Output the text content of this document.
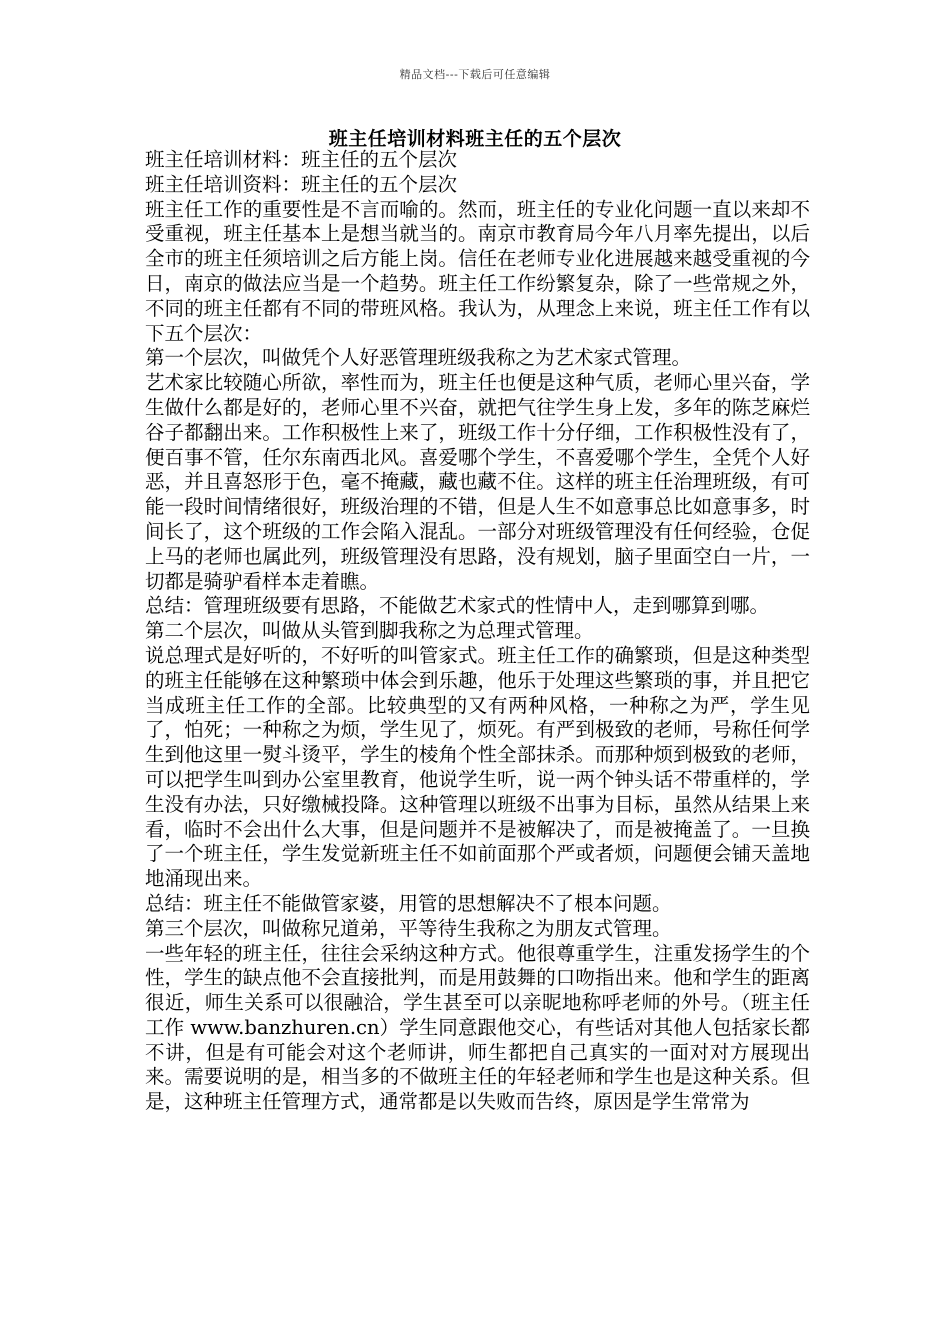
精品文档---下载后可任意编辑
班主任培训材料班主任的五个层次

班主任培训材料：班主任的五个层次

班主任培训资料：班主任的五个层次

班主任工作的重要性是不言而喻的。然而，班主任的专业化问题一直以来却不受重视，班主任基本上是想当就当的。南京市教育局今年八月率先提出，以后全市的班主任须培训之后方能上岗。信任在老师专业化进展越来越受重视的今日，南京的做法应当是一个趋势。班主任工作纷繁复杂，除了一些常规之外，不同的班主任都有不同的带班风格。我认为，从理念上来说，班主任工作有以下五个层次：

第一个层次，叫做凭个人好恶管理班级我称之为艺术家式管理。

艺术家比较随心所欲，率性而为，班主任也便是这种气质，老师心里兴奋，学生做什么都是好的，老师心里不兴奋，就把气往学生身上发，多年的陈芝麻烂谷子都翻出来。工作积极性上来了，班级工作十分仔细，工作积极性没有了，便百事不管，任尔东南西北风。喜爱哪个学生，不喜爱哪个学生，全凭个人好恶，并且喜怒形于色，毫不掩藏，藏也藏不住。这样的班主任治理班级，有可能一段时间情绪很好，班级治理的不错，但是人生不如意事总比如意事多，时间长了，这个班级的工作会陷入混乱。一部分对班级管理没有任何经验，仓促上马的老师也属此列，班级管理没有思路，没有规划，脑子里面空白一片，一切都是骑驴看样本走着瞧。

总结：管理班级要有思路，不能做艺术家式的性情中人，走到哪算到哪。

第二个层次，叫做从头管到脚我称之为总理式管理。

说总理式是好听的，不好听的叫管家式。班主任工作的确繁琐，但是这种类型的班主任能够在这种繁琐中体会到乐趣，他乐于处理这些繁琐的事，并且把它当成班主任工作的全部。比较典型的又有两种风格，一种称之为严，学生见了，怕死；一种称之为烦，学生见了，烦死。有严到极致的老师，号称任何学生到他这里一熨斗烫平，学生的棱角个性全部抹杀。而那种烦到极致的老师，可以把学生叫到办公室里教育，他说学生听，说一两个钟头话不带重样的，学生没有办法，只好缴械投降。这种管理以班级不出事为目标，虽然从结果上来看，临时不会出什么大事，但是问题并不是被解决了，而是被掩盖了。一旦换了一个班主任，学生发觉新班主任不如前面那个严或者烦，问题便会铺天盖地地涌现出来。

总结：班主任不能做管家婆，用管的思想解决不了根本问题。

第三个层次，叫做称兄道弟，平等待生我称之为朋友式管理。

一些年轻的班主任，往往会采纳这种方式。他很尊重学生，注重发扬学生的个性，学生的缺点他不会直接批判，而是用鼓舞的口吻指出来。他和学生的距离很近，师生关系可以很融洽，学生甚至可以亲昵地称呼老师的外号。（班主任工作 www.banzhuren.cn）学生同意跟他交心，有些话对其他人包括家长都不讲，但是有可能会对这个老师讲，师生都把自己真实的一面对对方展现出来。需要说明的是，相当多的不做班主任的年轻老师和学生也是这种关系。但是，这种班主任管理方式，通常都是以失败而告终，原因是学生常常为
